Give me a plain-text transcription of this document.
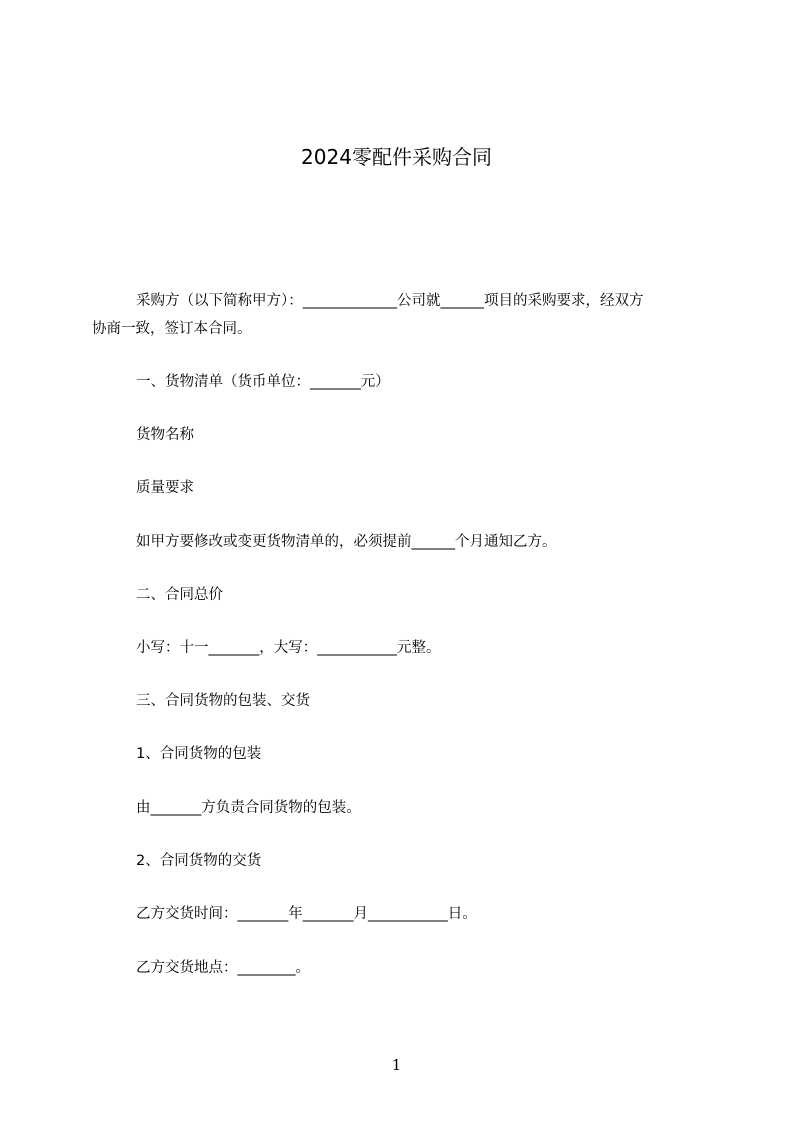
2024零配件采购合同

采购方（以下简称甲方）：_____________公司就______项目的采购要求，经双方

协商一致，签订本合同。

一、货物清单（货币单位：_______元）

货物名称

质量要求

如甲方要修改或变更货物清单的，必须提前______个月通知乙方。

二、合同总价

小写：十一_______，大写：___________元整。

三、合同货物的包装、交货

1、合同货物的包装

由_______方负责合同货物的包装。

2、合同货物的交货

乙方交货时间：_______年_______月___________日。

乙方交货地点：________。

1
